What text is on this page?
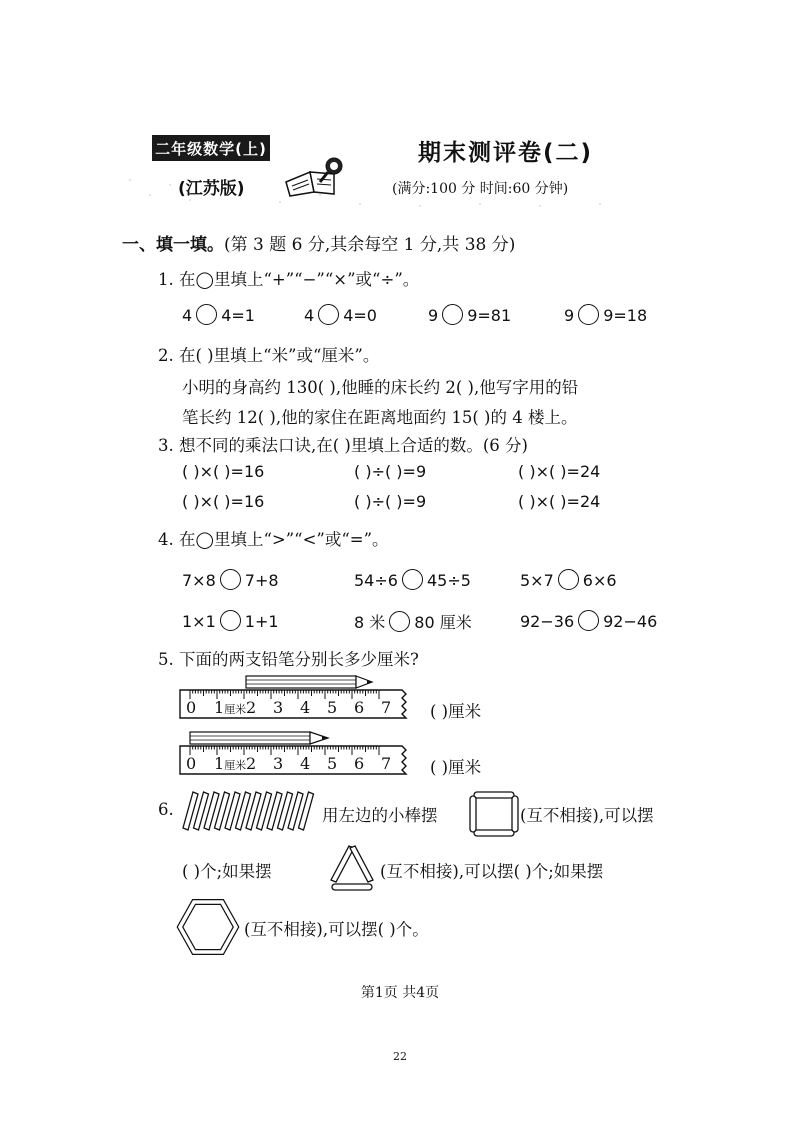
二年级数学(上)
(江苏版)
期末测评卷(二)
(满分:100 分 时间:60 分钟)
一、填一填。(第 3 题 6 分,其余每空 1 分,共 38 分)
1. 在◯里填上“+”“−”“×”或“÷”。
4 4=1	4 4=0	9 9=81	9 9=18
2. 在( )里填上“米”或“厘米”。
小明的身高约 130( ),他睡的床长约 2( ),他写字用的铅
笔长约 12( ),他的家住在距离地面约 15( )的 4 楼上。
3. 想不同的乘法口诀,在( )里填上合适的数。(6 分)
( )×( )=16	( )÷( )=9	( )×( )=24
( )×( )=16	( )÷( )=9	( )×( )=24
4. 在◯里填上“>”“<”或“=”。
7×8 7+8	54÷6 45÷5	5×7 6×6
1×1 1+1	8 米 80 厘米	92−36 92−46
5. 下面的两支铅笔分别长多少厘米?
0 1厘米 2 3 4 5 6 7 ( )厘米
0 1厘米 2 3 4 5 6 7 ( )厘米
6.	用左边的小棒摆	(互不相接),可以摆
( )个;如果摆	(互不相接),可以摆( )个;如果摆
(互不相接),可以摆( )个。
第1页 共4页
22
